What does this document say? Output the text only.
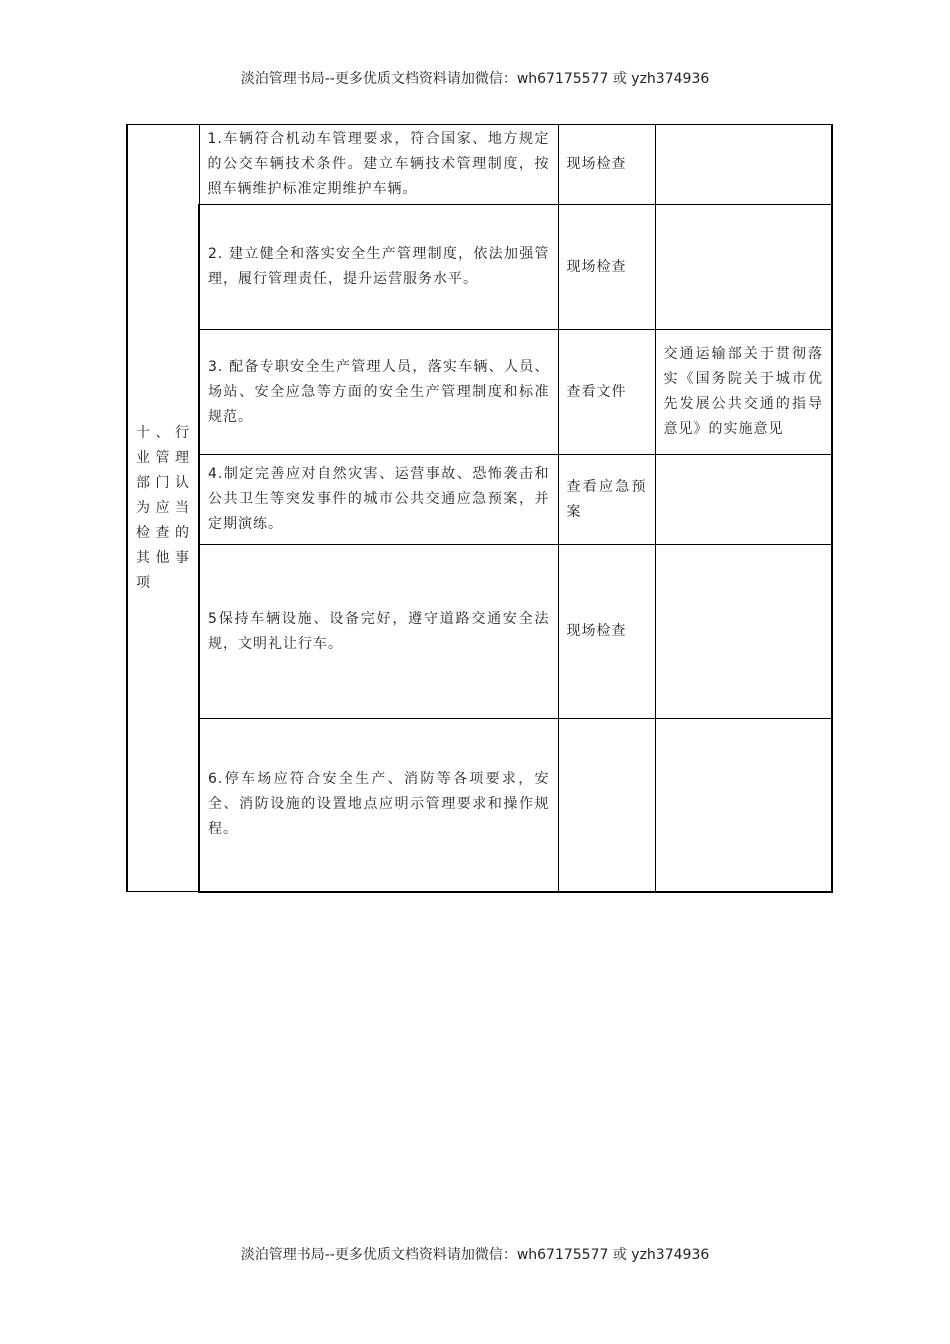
淡泊管理书局--更多优质文档资料请加微信：wh67175577 或 yzh374936
十、行业管理部门认为应当检查的其他事项	1.车辆符合机动车管理要求，符合国家、地方规定的公交车辆技术条件。建立车辆技术管理制度，按照车辆维护标准定期维护车辆。	现场检查	
	2. 建立健全和落实安全生产管理制度，依法加强管理，履行管理责任，提升运营服务水平。	现场检查	
	3. 配备专职安全生产管理人员，落实车辆、人员、场站、安全应急等方面的安全生产管理制度和标准规范。	查看文件	交通运输部关于贯彻落实《国务院关于城市优先发展公共交通的指导意见》的实施意见
	4.制定完善应对自然灾害、运营事故、恐怖袭击和公共卫生等突发事件的城市公共交通应急预案，并定期演练。	查看应急预案	
	5保持车辆设施、设备完好，遵守道路交通安全法规，文明礼让行车。	现场检查	
	6.停车场应符合安全生产、消防等各项要求，安全、消防设施的设置地点应明示管理要求和操作规程。		
淡泊管理书局--更多优质文档资料请加微信：wh67175577 或 yzh374936
